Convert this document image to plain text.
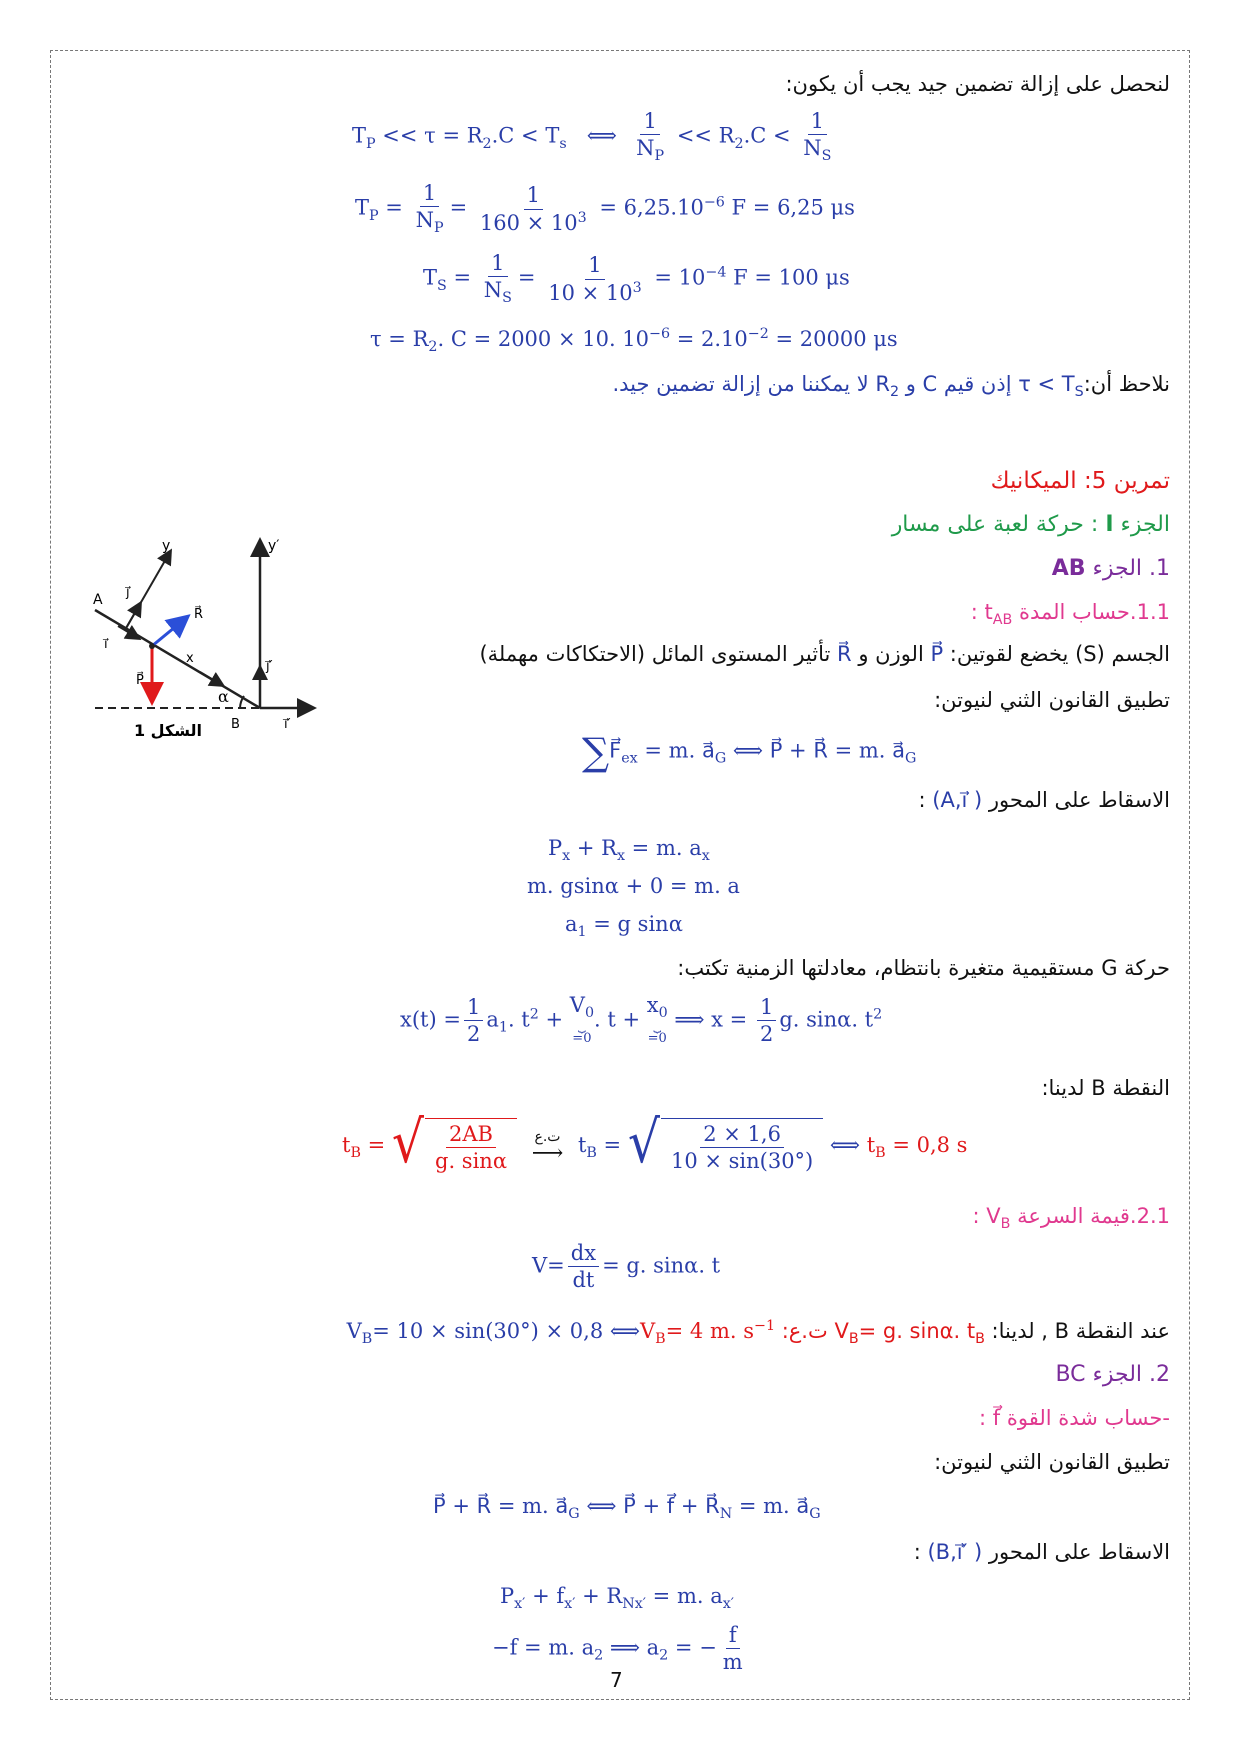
لنحصل على إزالة تضمين جيد يجب أن يكون:
$T_P << \tau = R_2.C < T_s$ ⟺ $\frac{1}{N_P} << R_2.C < \frac{1}{N_S}$
$T_P = \frac{1}{N_P} = \frac{1}{160 \times 10^3} = 6,25.10^{-6}$ F = 6,25 μs
$T_S = \frac{1}{N_S} = \frac{1}{10 \times 10^3} = 10^{-4}$ F = 100 μs
$\tau = R_2$. C = 2000 × 10. $10^{-6} = 2.10^{-2} = 20000$ μs
نلاحظ أن:τ < $T_S$ إذن قيم C و $R_2$ لا يمكننا من إزالة تضمين جيد.
تمرين 5: الميكانيك
الجزء I : حركة لعبة على مسار
1. الجزء AB
1.1.حساب المدة $t_{AB}$ :
الجسم (S) يخضع لقوتين: P⃗ الوزن و R⃗ تأثير المستوى المائل (الاحتكاكات مهملة)
تطبيق القانون الثني لنيوتن:
$\sum F⃗_{ex} = m$. $a⃗_G$ ⟺ P⃗ + R⃗ = m. $a⃗_G$
الاسقاط على المحور (A,ı⃗ ) :
$P_x + R_x = m$. $a_x$
m. gsinα + 0 = m. a
$a_1 = g$ sinα
حركة G مستقيمية متغيرة بانتظام، معادلتها الزمنية تكتب:
$x(t) = \frac{1}{2} a_1$. $t^2$ +
$V_0$
⏟
=0
. t +
$x_0$
⏟
=0
⟹ $x = \frac{1}{2} g$. sinα. $t^2$
النقطة B لدينا:
$t_B$ = √ $\frac{2AB}{g. \sin\alpha}$
ت.ع
⟶ $t_B$ = √ $\frac{2 \times 1,6}{10 \times \sin(30^\circ)}$ ⟺ $t_B = 0,8$ s
2.1.قيمة السرعة $V_B$ :
$V= \frac{dx}{dt} = g$. sinα. t
عند النقطة B , لدينا: $V_B= g$. sinα. $t_B$ ت.ع: $V_B= 10 \times \sin(30^\circ) \times 0,8$ $⟺V_B= 4$ m. $s^{-1}$
2. الجزء BC
-حساب شدة القوة f⃗ :
تطبيق القانون الثني لنيوتن:
P⃗ + R⃗ = m. $a⃗_G$ ⟺ P⃗ + f⃗ + $R⃗_N = m$. $a⃗_G$
الاسقاط على المحور (B,ı⃗′ ) :
$P_{x'} + f_{x'} + R_{Nx'} = m$. $a_{x'}$
−f = m. $a_2$ ⟹ $a_2$ = − $\frac{f}{m}$
7
y	y′
A
B
j⃗
i⃗
R⃗
x
P⃗
α
j⃗′
i⃗′
الشكل 1
